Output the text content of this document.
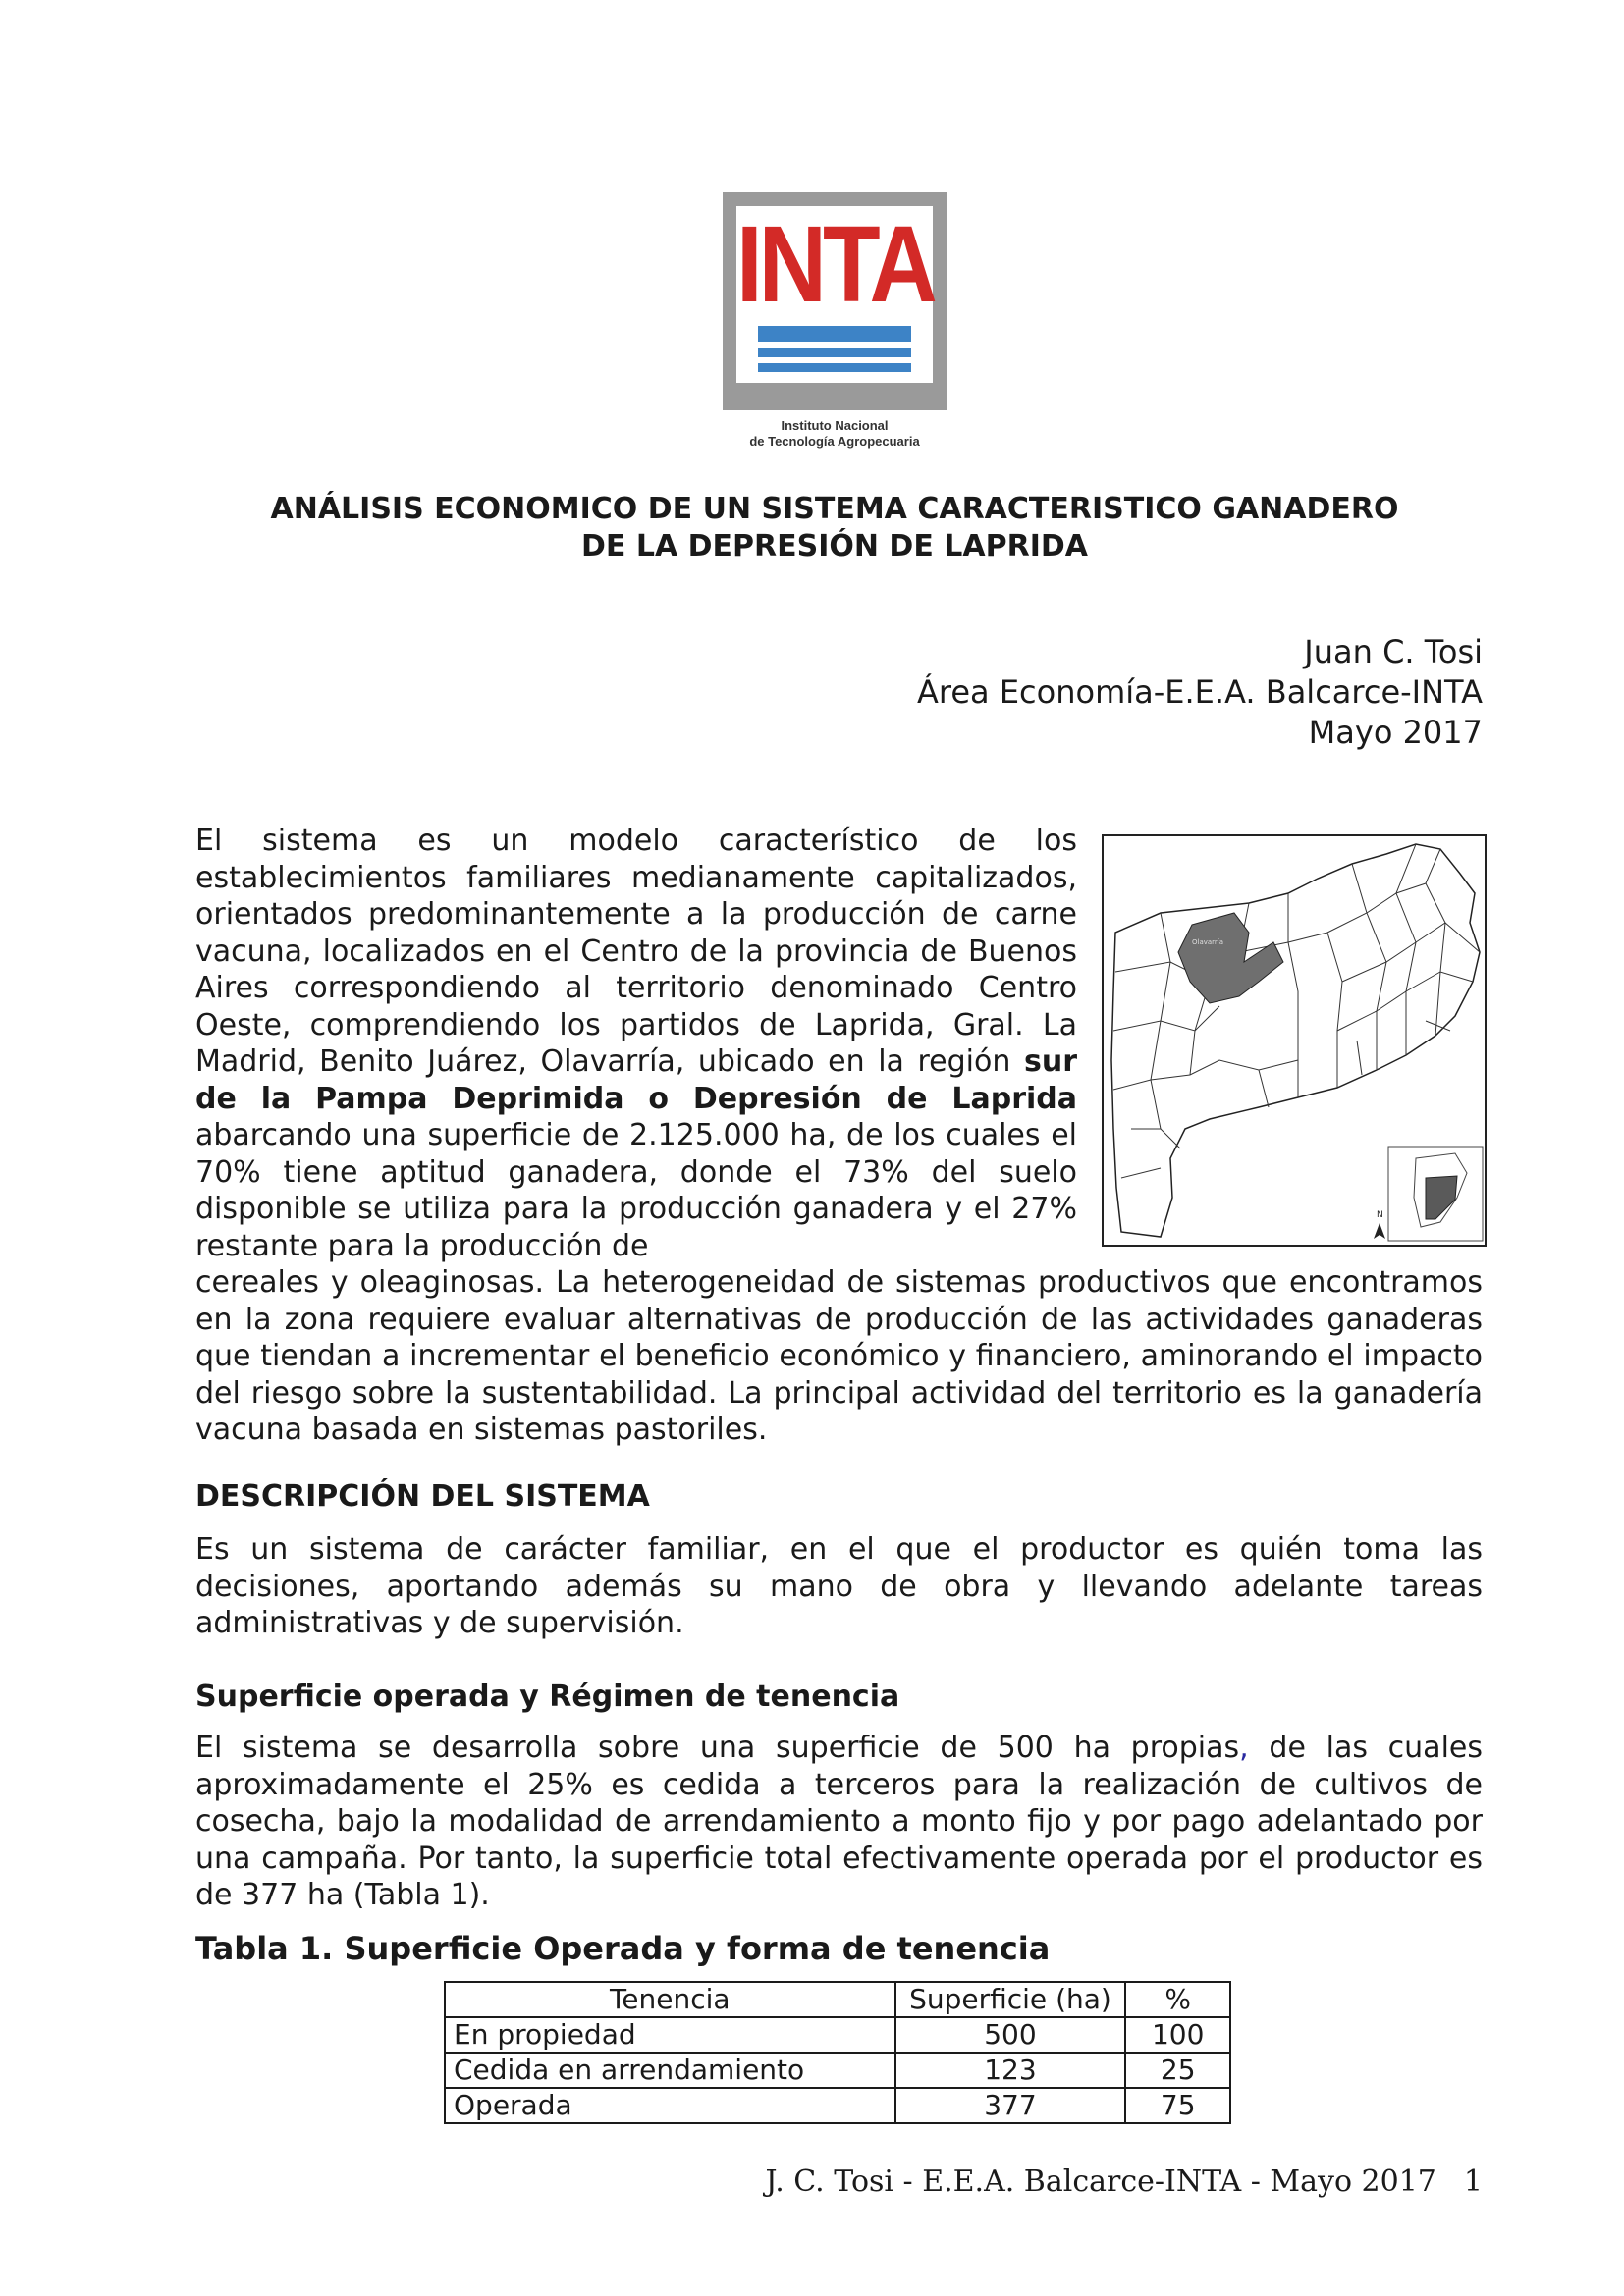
INTA
Instituto Nacional
de Tecnología Agropecuaria
ANÁLISIS ECONOMICO DE UN SISTEMA CARACTERISTICO GANADERO
DE LA DEPRESIÓN DE LAPRIDA
Juan C. Tosi
Área Economía-E.E.A. Balcarce-INTA
Mayo 2017
Olavarría
N

El sistema es un modelo característico de los establecimientos familiares medianamente capitalizados, orientados predominantemente a la producción de carne vacuna, localizados en el Centro de la provincia de Buenos Aires correspondiendo al territorio denominado Centro Oeste, comprendiendo los partidos de Laprida, Gral. La Madrid, Benito Juárez, Olavarría, ubicado en la región sur de la Pampa Deprimida o Depresión de Laprida abarcando una superficie de 2.125.000 ha, de los cuales el 70% tiene aptitud ganadera, donde el 73% del suelo disponible se utiliza para la producción ganadera y el 27% restante para la producción de
cereales y oleaginosas. La heterogeneidad de sistemas productivos que encontramos en la zona requiere evaluar alternativas de producción de las actividades ganaderas que tiendan a incrementar el beneficio económico y financiero, aminorando el impacto del riesgo sobre la sustentabilidad. La principal actividad del territorio es la ganadería vacuna basada en sistemas pastoriles.

DESCRIPCIÓN DEL SISTEMA

Es un sistema de carácter familiar, en el que el productor es quién toma las decisiones, aportando además su mano de obra y llevando adelante tareas administrativas y de supervisión.

Superficie operada y Régimen de tenencia

El sistema se desarrolla sobre una superficie de 500 ha propias, de las cuales aproximadamente el 25% es cedida a terceros para la realización de cultivos de cosecha, bajo la modalidad de arrendamiento a monto fijo y por pago adelantado por una campaña. Por tanto, la superficie total efectivamente operada por el productor es de 377 ha (Tabla 1).

Tabla 1. Superficie Operada y forma de tenencia
Tenencia	Superficie (ha)	%
En propiedad	500	100
Cedida en arrendamiento	123	25
Operada	377	75
J. C. Tosi - E.E.A. Balcarce-INTA - Mayo 2017 1
